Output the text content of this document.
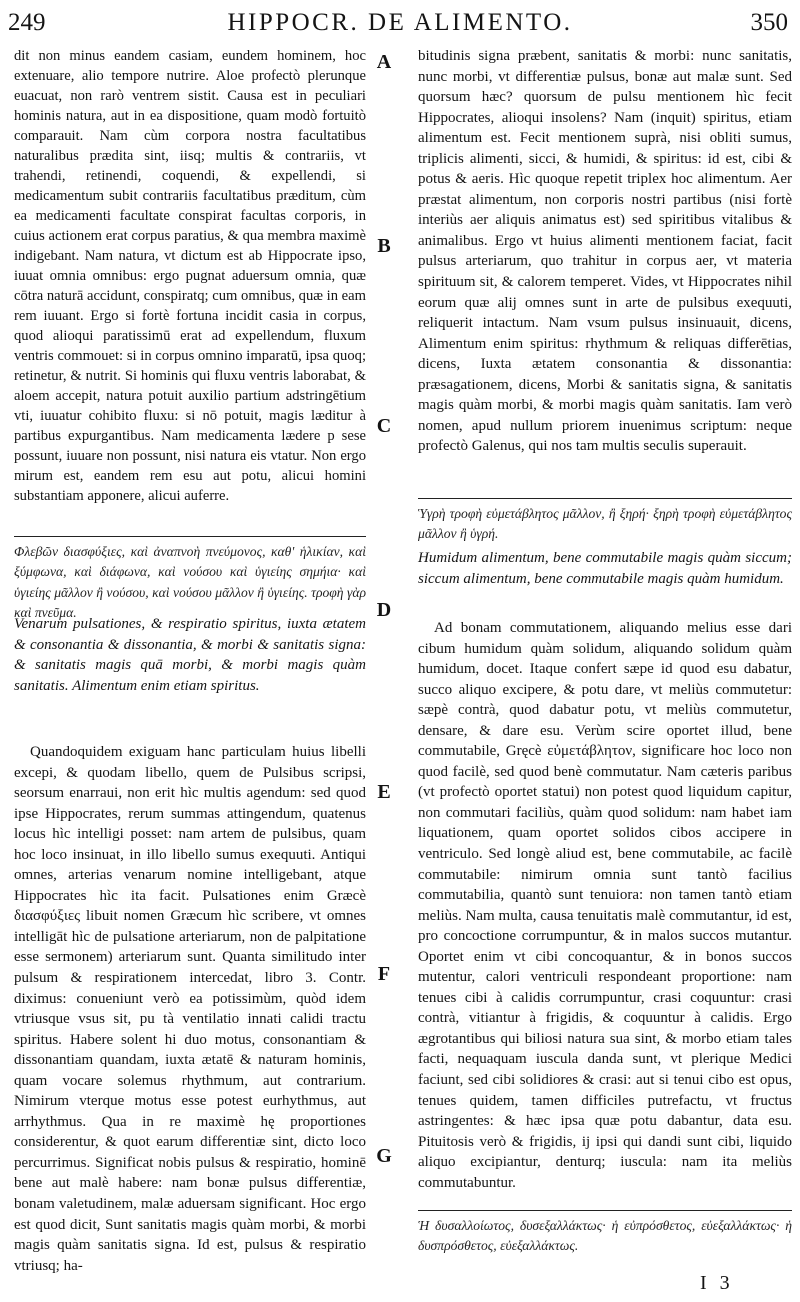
249	HIPPOCR. DE ALIMENTO.	350

dit non minus eandem casiam, eundem hominem, hoc extenuare, alio tempore nutrire. Aloe profectò plerunque euacuat, non rarò ventrem sistit. Causa est in peculiari hominis natura, aut in ea dispositione, quam modò fortuitò comparauit. Nam cùm corpora nostra facultatibus naturalibus prædita sint, iisq; multis & contrariis, vt trahendi, retinendi, coquendi, & expellendi, si medicamentum subit contrariis facultatibus præditum, cùm ea medicamenti facultate conspirat facultas corporis, in cuius actionem erat corpus paratius, & qua membra maximè indigebant. Nam natura, vt dictum est ab Hippocrate ipso, iuuat omnia omnibus: ergo pugnat aduersum omnia, quæ cōtra naturā accidunt, conspiratq; cum omnibus, quæ in eam rem iuuant. Ergo si fortè fortuna incidit casia in corpus, quod alioqui paratissimū erat ad expellendum, fluxum ventris commouet: si in corpus omnino imparatū, ipsa quoq; retinetur, & nutrit. Si hominis qui fluxu ventris laborabat, & aloem accepit, natura potuit auxilio partium adstringētium vti, iuuatur cohibito fluxu: si nō potuit, magis læditur à partibus expurgantibus. Nam medicamenta lædere p sese possunt, iuuare non possunt, nisi natura eis vtatur. Non ergo mirum est, eandem rem esu aut potu, alicui homini substantiam apponere, alicui auferre.

Φλεβῶν διασφύξιες, καὶ ἀναπνοὴ πνεύμονος, καθ' ἡλικίαν, καὶ ξύμφωνα, καὶ διάφωνα, καὶ νούσου καὶ ὑγιείης σημήια· καὶ ὑγιείης μᾶλλον ἢ νούσου, καὶ νούσου μᾶλλον ἢ ὑγιείης. τροφὴ γὰρ καὶ πνεῦμα.

Venarum pulsationes, & respiratio spiritus, iuxta ætatem & consonantia & dissonantia, & morbi & sanitatis signa: & sanitatis magis quā morbi, & morbi magis quàm sanitatis. Alimentum enim etiam spiritus.

Quandoquidem exiguam hanc particulam huius libelli excepi, & quodam libello, quem de Pulsibus scripsi, seorsum enarraui, non erit hìc multis agendum: sed quod ipse Hippocrates, rerum summas attingendum, quatenus locus hìc intelligi posset: nam artem de pulsibus, quam hoc loco insinuat, in illo libello sumus exequuti. Antiqui omnes, arterias venarum nomine intelligebant, atque Hippocrates hìc ita facit. Pulsationes enim Græcè διασφύξιες libuit nomen Græcum hìc scribere, vt omnes intelligāt hìc de pulsatione arteriarum, non de palpitatione esse sermonem) arteriarum sunt. Quanta similitudo inter pulsum & respirationem intercedat, libro 3. Contr. diximus: conueniunt verò ea potissimùm, quòd idem vtriusque vsus sit, pu tà ventilatio innati calidi tractu spiritus. Habere solent hi duo motus, consonantiam & dissonantiam quandam, iuxta ætatē & naturam hominis, quam vocare solemus rhythmum, aut contrarium. Nimirum vterque motus esse potest eurhythmus, aut arrhythmus. Qua in re maximè hę proportiones considerentur, & quot earum differentiæ sint, dicto loco percurrimus. Significat nobis pulsus & respiratio, hominē bene aut malè habere: nam bonæ pulsus differentiæ, bonam valetudinem, malæ aduersam significant. Hoc ergo est quod dicit, Sunt sanitatis magis quàm morbi, & morbi magis quàm sanitatis signa. Id est, pulsus & respiratio vtriusq; ha-

A
B
C
D
E
F
G

bitudinis signa præbent, sanitatis & morbi: nunc sanitatis, nunc morbi, vt differentiæ pulsus, bonæ aut malæ sunt. Sed quorsum hæc? quorsum de pulsu mentionem hìc fecit Hippocrates, alioqui insolens? Nam (inquit) spiritus, etiam alimentum est. Fecit mentionem suprà, nisi obliti sumus, triplicis alimenti, sicci, & humidi, & spiritus: id est, cibi & potus & aeris. Hìc quoque repetit triplex hoc alimentum. Aer præstat alimentum, non corporis nostri partibus (nisi fortè interiùs aer aliquis animatus est) sed spiritibus vitalibus & animalibus. Ergo vt huius alimenti mentionem faciat, facit pulsus arteriarum, quo trahitur in corpus aer, vt materia spirituum sit, & calorem temperet. Vides, vt Hippocrates nihil eorum quæ alij omnes sunt in arte de pulsibus exequuti, reliquerit intactum. Nam vsum pulsus insinuauit, dicens, Alimentum enim spiritus: rhythmum & reliquas differētias, dicens, Iuxta ætatem consonantia & dissonantia: præsagationem, dicens, Morbi & sanitatis signa, & sanitatis magis quàm morbi, & morbi magis quàm sanitatis. Iam verò nomen, apud nullum priorem inuenimus scriptum: neque profectò Galenus, qui nos tam multis seculis superauit.

Ὑγρὴ τροφὴ εὐμετάβλητος μᾶλλον, ἢ ξηρή· ξηρὴ τροφὴ εὐμετάβλητος μᾶλλον ἢ ὑγρή.

Humidum alimentum, bene commutabile magis quàm siccum; siccum alimentum, bene commutabile magis quàm humidum.

Ad bonam commutationem, aliquando melius esse dari cibum humidum quàm solidum, aliquando solidum quàm humidum, docet. Itaque confert sæpe id quod esu dabatur, succo aliquo excipere, & potu dare, vt meliùs commutetur: sæpè contrà, quod dabatur potu, vt meliùs commutetur, densare, & dare esu. Verùm scire oportet illud, bene commutabile, Gręcè εὐμετάβλητον, significare hoc loco non quod facilè, sed quod benè commutatur. Nam cæteris paribus (vt profectò oportet statui) non potest quod liquidum capitur, non commutari faciliùs, quàm quod solidum: nam habet iam liquationem, quam oportet solidos cibos accipere in ventriculo. Sed longè aliud est, bene commutabile, ac facilè commutabile: nimirum omnia sunt tantò facilius commutabilia, quantò sunt tenuiora: non tamen tantò etiam meliùs. Nam multa, causa tenuitatis malè commutantur, id est, pro concoctione corrumpuntur, & in malos succos mutantur. Oportet enim vt cibi concoquantur, & in bonos succos mutentur, calori ventriculi respondeant proportione: nam tenues cibi à calidis corrumpuntur, crasi coquuntur: crasi contrà, vitiantur à frigidis, & coquuntur à calidis. Ergo ægrotantibus qui biliosi natura sua sint, & morbo etiam tales facti, nequaquam iuscula danda sunt, vt plerique Medici faciunt, sed cibi solidiores & crasi: aut si tenui cibo est opus, tenues quidem, tamen difficiles putrefactu, vt fructus astringentes: & hæc ipsa quæ potu dabantur, data esu. Pituitosis verò & frigidis, ij ipsi qui dandi sunt cibi, liquido aliquo excipiantur, denturq; iuscula: nam ita meliùs commutabuntur.

Ἡ δυσαλλοίωτος, δυσεξαλλάκτως· ἡ εὐπρόσθετος, εὐεξαλλάκτως· ἡ δυσπρόσθετος, εὐεξαλλάκτως.

I 3
